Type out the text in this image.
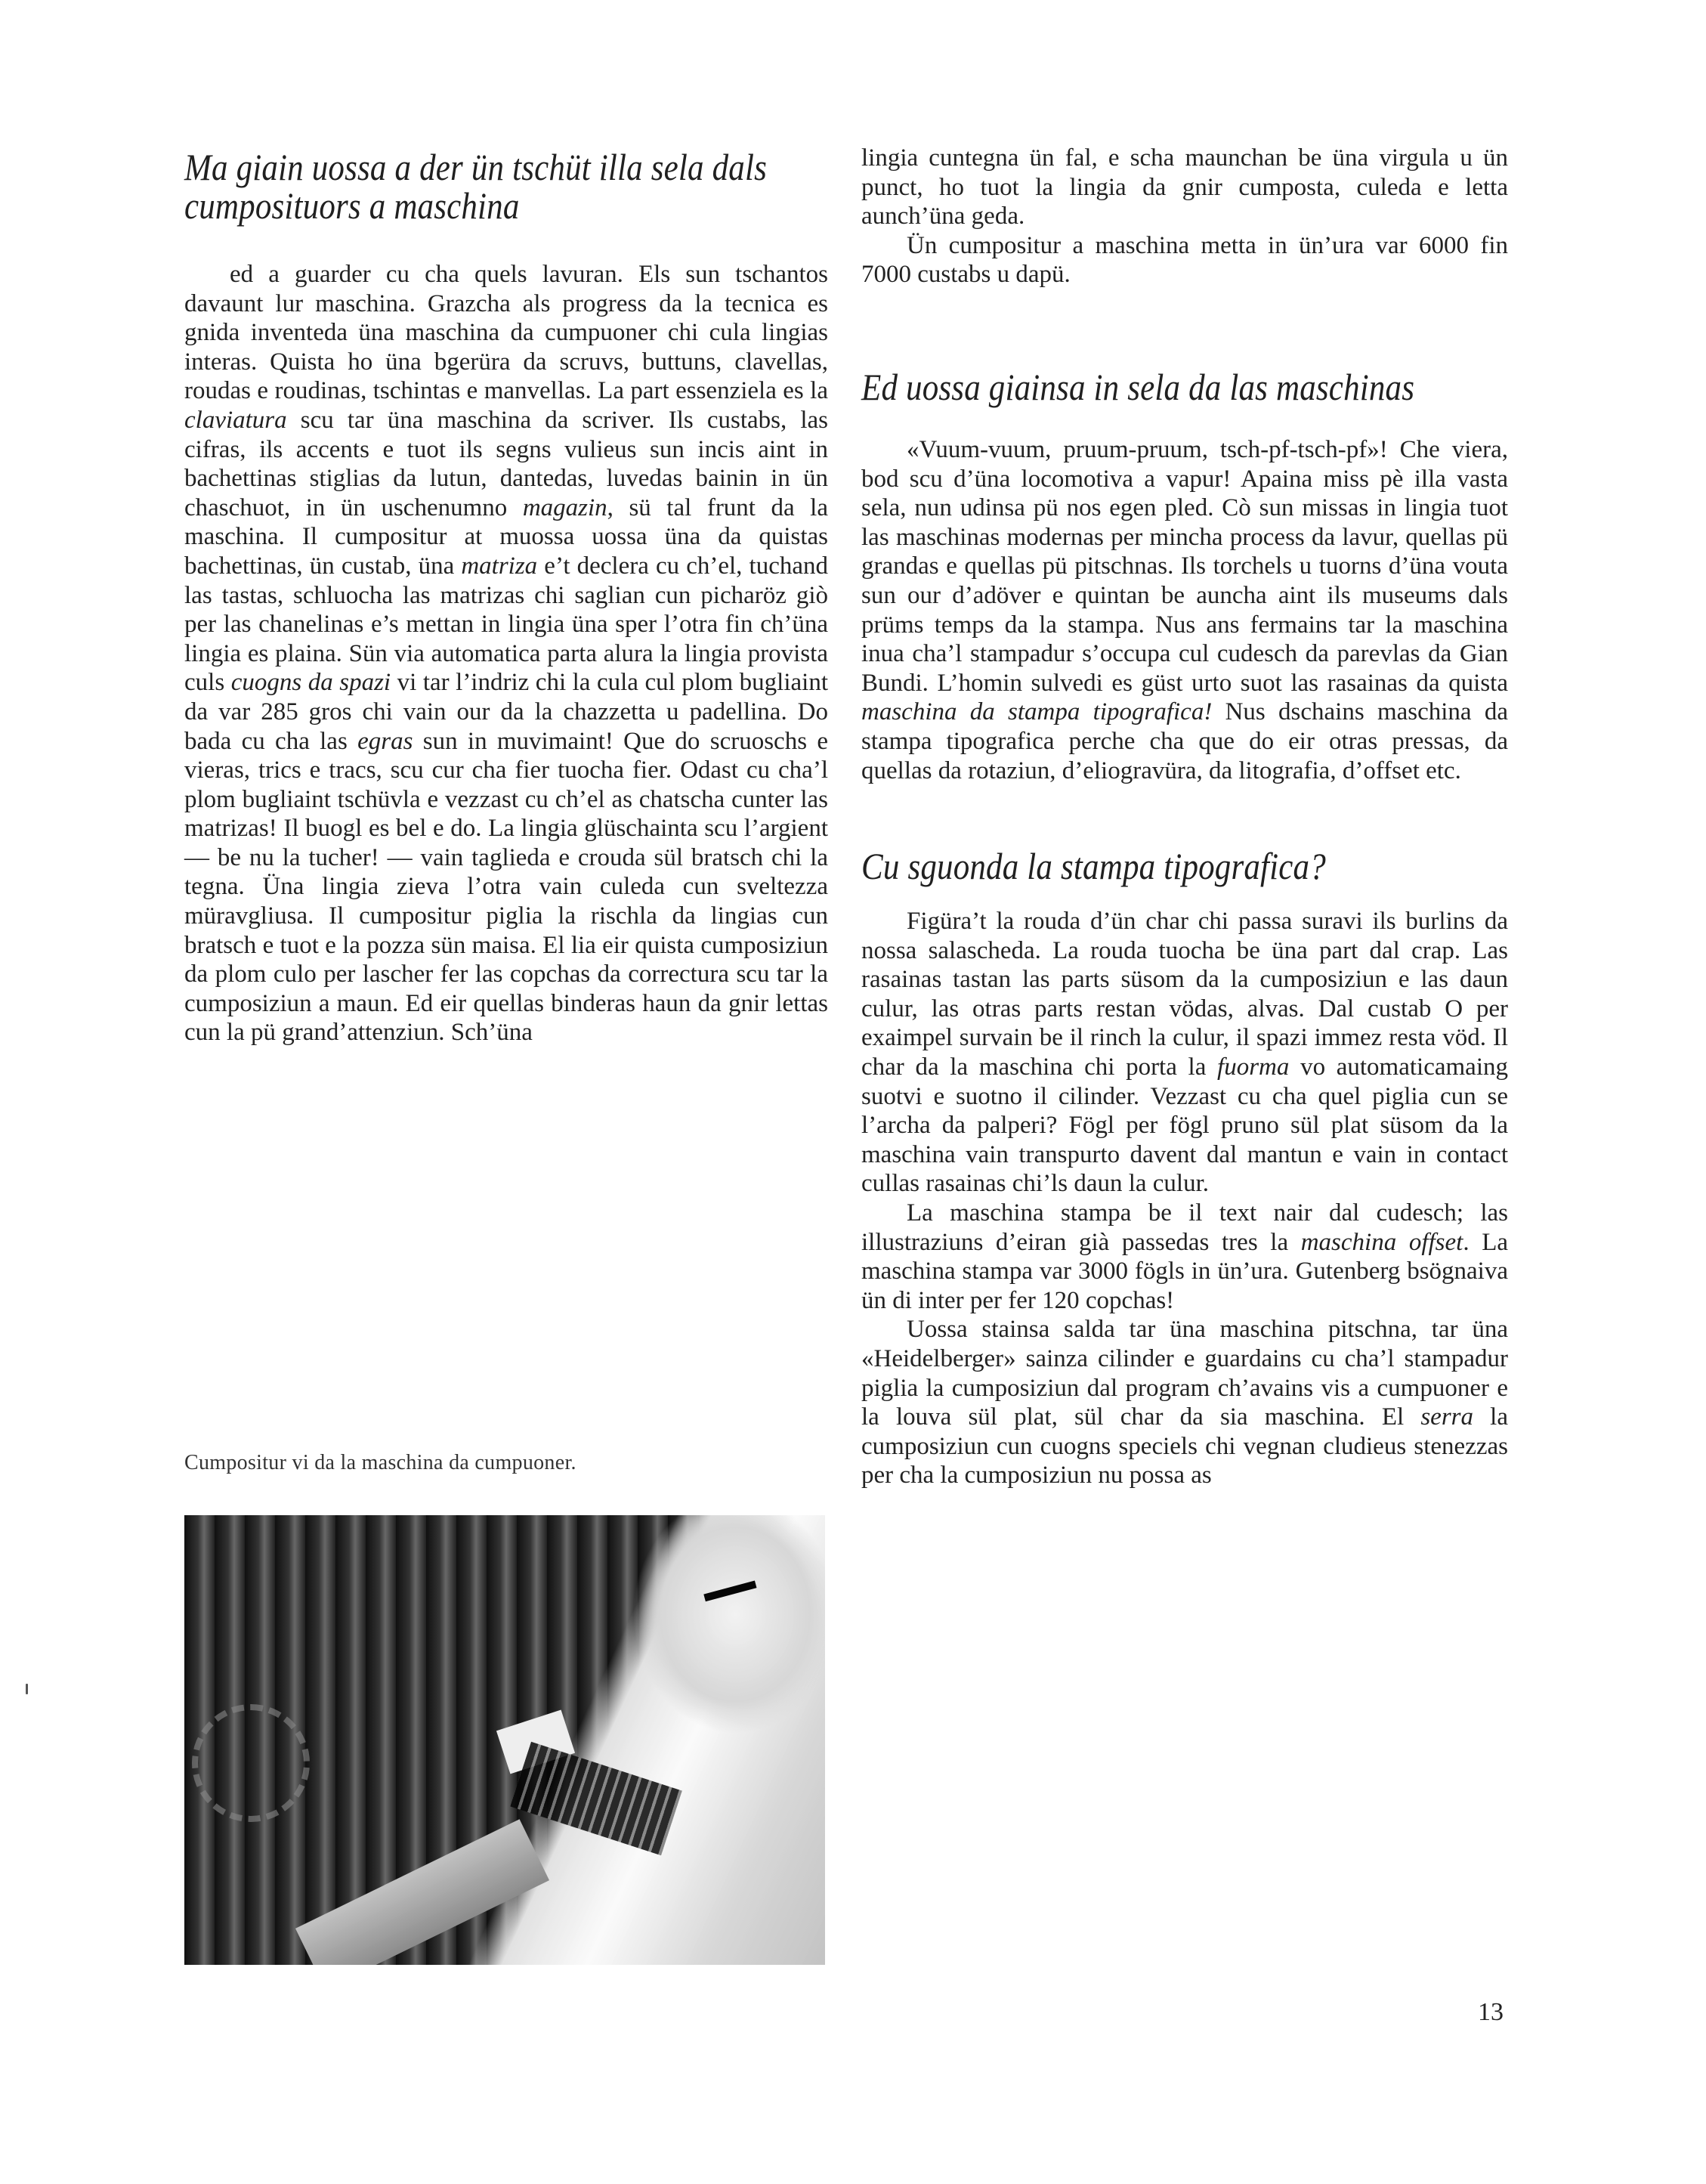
Ma giain uossa a der ün tschüt illa sela dals cumposituors a maschina

ed a guarder cu cha quels lavuran. Els sun tschantos davaunt lur maschina. Grazcha als progress da la tecnica es gnida inventeda üna maschina da cumpuoner chi cula lingias interas. Quista ho üna bgerüra da scruvs, buttuns, clavellas, roudas e roudinas, tschintas e manvellas. La part essenziela es la claviatura scu tar üna maschina da scriver. Ils custabs, las cifras, ils accents e tuot ils segns vulieus sun incis aint in bachettinas stiglias da lutun, dantedas, luvedas bainin in ün chaschuot, in ün uschenumno magazin, sü tal frunt da la maschina. Il cumpositur at muossa uossa üna da quistas bachettinas, ün custab, üna matriza e’t declera cu ch’el, tuchand las tastas, schluocha las matrizas chi saglian cun picharöz giò per las chanelinas e’s mettan in lingia üna sper l’otra fin ch’üna lingia es plaina. Sün via automatica parta alura la lingia provista culs cuogns da spazi vi tar l’indriz chi la cula cul plom bugliaint da var 285 gros chi vain our da la chazzetta u padellina. Do bada cu cha las egras sun in muvimaint! Que do scruoschs e vieras, trics e tracs, scu cur cha fier tuocha fier. Odast cu cha’l plom bugliaint tschüvla e vezzast cu ch’el as chatscha cunter las matrizas! Il buogl es bel e do. La lingia glüschainta scu l’argient — be nu la tucher! — vain taglieda e crouda sül bratsch chi la tegna. Üna lingia zieva l’otra vain culeda cun sveltezza müravgliusa. Il cumpositur piglia la rischla da lingias cun bratsch e tuot e la pozza sün maisa. El lia eir quista cumposiziun da plom culo per lascher fer las copchas da correctura scu tar la cumposiziun a maun. Ed eir quellas binderas haun da gnir lettas cun la pü grand’attenziun. Sch’üna

Cumpositur vi da la maschina da cumpuoner.

lingia cuntegna ün fal, e scha maunchan be üna virgula u ün punct, ho tuot la lingia da gnir cumposta, culeda e letta aunch’üna geda.

Ün cumpositur a maschina metta in ün’ura var 6000 fin 7000 custabs u dapü.

Ed uossa giainsa in sela da las maschinas

«Vuum-vuum, pruum-pruum, tsch-pf-tsch-pf»! Che viera, bod scu d’üna locomotiva a vapur! Apaina miss pè illa vasta sela, nun udinsa pü nos egen pled. Cò sun missas in lingia tuot las maschinas modernas per mincha process da lavur, quellas pü grandas e quellas pü pitschnas. Ils torchels u tuorns d’üna vouta sun our d’adöver e quintan be auncha aint ils museums dals prüms temps da la stampa. Nus ans fermains tar la maschina inua cha’l stampadur s’occupa cul cudesch da parevlas da Gian Bundi. L’homin sulvedi es güst urto suot las rasainas da quista maschina da stampa tipografica! Nus dschains maschina da stampa tipografica perche cha que do eir otras pressas, da quellas da rotaziun, d’eliogravüra, da litografia, d’offset etc.

Cu sguonda la stampa tipografica?

Figüra’t la rouda d’ün char chi passa suravi ils burlins da nossa salascheda. La rouda tuocha be üna part dal crap. Las rasainas tastan las parts süsom da la cumposiziun e las daun culur, las otras parts restan vödas, alvas. Dal custab O per exaimpel survain be il rinch la culur, il spazi immez resta vöd. Il char da la maschina chi porta la fuorma vo automaticamaing suotvi e suotno il cilinder. Vezzast cu cha quel piglia cun se l’archa da palperi? Fögl per fögl pruno sül plat süsom da la maschina vain transpurto davent dal mantun e vain in contact cullas rasainas chi’ls daun la culur.

La maschina stampa be il text nair dal cudesch; las illustraziuns d’eiran già passedas tres la maschina offset. La maschina stampa var 3000 fögls in ün’ura. Gutenberg bsögnaiva ün di inter per fer 120 copchas!

Uossa stainsa salda tar üna maschina pitschna, tar üna «Heidelberger» sainza cilinder e guardains cu cha’l stampadur piglia la cumposiziun dal program ch’avains vis a cumpuoner e la louva sül plat, sül char da sia maschina. El serra la cumposiziun cun cuogns speciels chi vegnan cludieus stenezzas per cha la cumposiziun nu possa as

13
